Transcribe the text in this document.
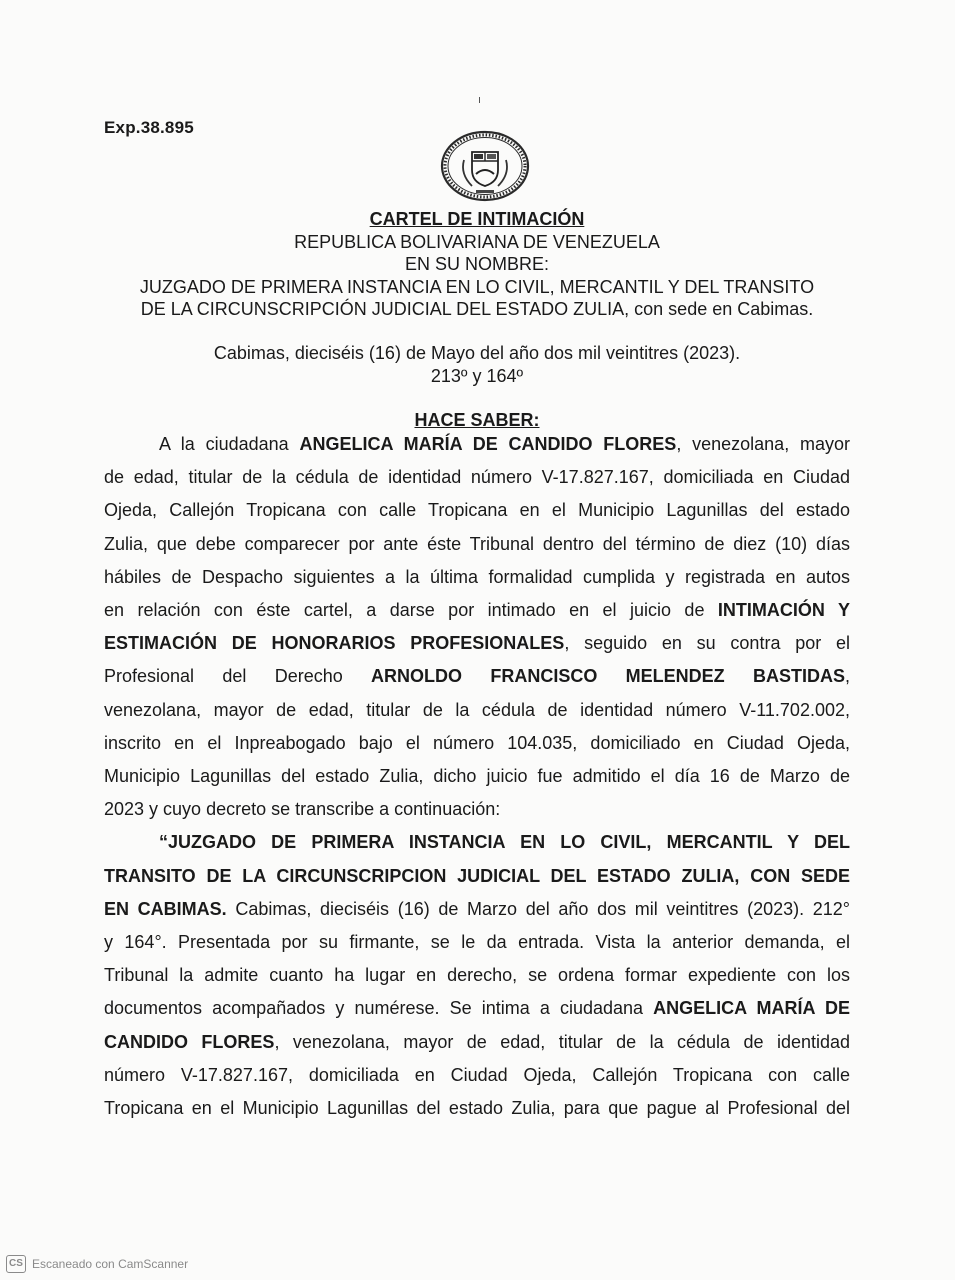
Exp.38.895
CARTEL DE INTIMACIÓN
REPUBLICA BOLIVARIANA DE VENEZUELA
EN SU NOMBRE:
JUZGADO DE PRIMERA INSTANCIA EN LO CIVIL, MERCANTIL Y DEL TRANSITO
DE LA CIRCUNSCRIPCIÓN JUDICIAL DEL ESTADO ZULIA, con sede en Cabimas.
Cabimas, dieciséis (16) de Mayo del año dos mil veintitres (2023).
213º y 164º
HACE SABER:
A la ciudadana ANGELICA MARÍA DE CANDIDO FLORES, venezolana, mayor
de edad, titular de la cédula de identidad número V-17.827.167, domiciliada en Ciudad
Ojeda, Callejón Tropicana con calle Tropicana en el Municipio Lagunillas del estado
Zulia, que debe comparecer por ante éste Tribunal dentro del término de diez (10) días
hábiles de Despacho siguientes a la última formalidad cumplida y registrada en autos
en relación con éste cartel, a darse por intimado en el juicio de INTIMACIÓN Y
ESTIMACIÓN DE HONORARIOS PROFESIONALES, seguido en su contra por el
Profesional del Derecho ARNOLDO FRANCISCO MELENDEZ BASTIDAS,
venezolana, mayor de edad, titular de la cédula de identidad número V-11.702.002,
inscrito en el Inpreabogado bajo el número 104.035, domiciliado en Ciudad Ojeda,
Municipio Lagunillas del estado Zulia, dicho juicio fue admitido el día 16 de Marzo de
2023 y cuyo decreto se transcribe a continuación:
“JUZGADO DE PRIMERA INSTANCIA EN LO CIVIL, MERCANTIL Y DEL
TRANSITO DE LA CIRCUNSCRIPCION JUDICIAL DEL ESTADO ZULIA, CON SEDE
EN CABIMAS. Cabimas, dieciséis (16) de Marzo del año dos mil veintitres (2023). 212°
y 164°. Presentada por su firmante, se le da entrada. Vista la anterior demanda, el
Tribunal la admite cuanto ha lugar en derecho, se ordena formar expediente con los
documentos acompañados y numérese. Se intima a ciudadana ANGELICA MARÍA DE
CANDIDO FLORES, venezolana, mayor de edad, titular de la cédula de identidad
número V-17.827.167, domiciliada en Ciudad Ojeda, Callejón Tropicana con calle
Tropicana en el Municipio Lagunillas del estado Zulia, para que pague al Profesional del
CS Escaneado con CamScanner
